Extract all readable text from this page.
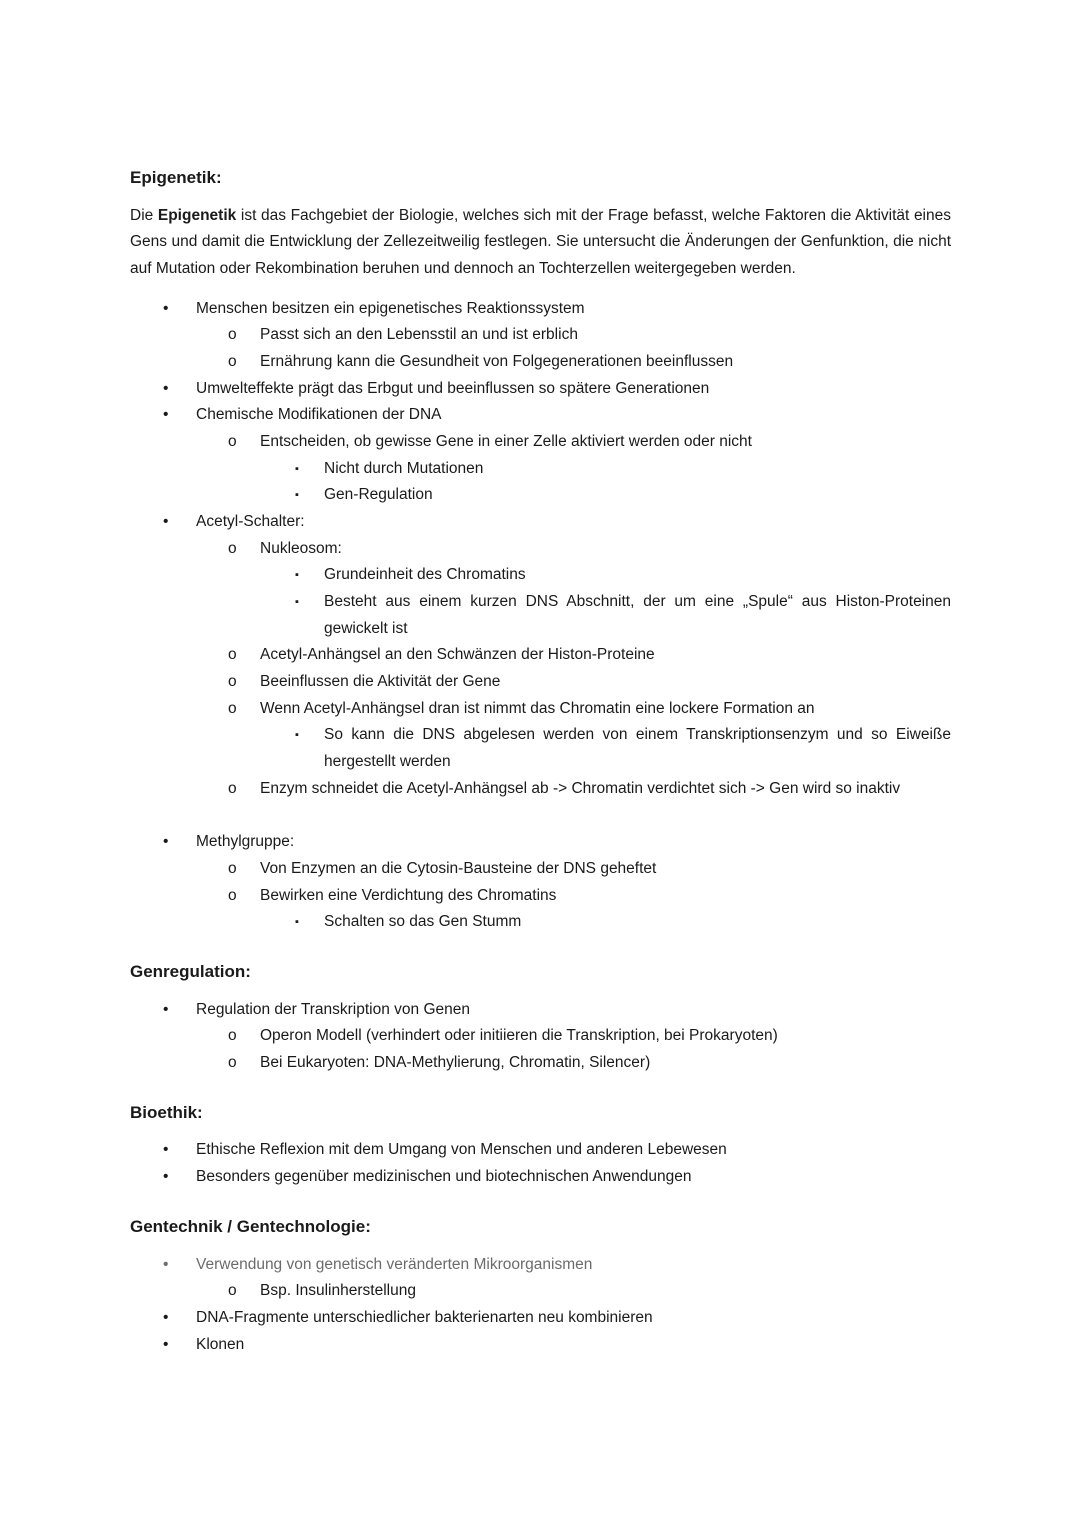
Epigenetik:

Die Epigenetik ist das Fachgebiet der Biologie, welches sich mit der Frage befasst, welche Faktoren die Aktivität eines Gens und damit die Entwicklung der Zellezeitweilig festlegen. Sie untersucht die Änderungen der Genfunktion, die nicht auf Mutation oder Rekombination beruhen und dennoch an Tochterzellen weitergegeben werden.

•	Menschen besitzen ein epigenetisches Reaktionssystem
o	Passt sich an den Lebensstil an und ist erblich
o	Ernährung kann die Gesundheit von Folgegenerationen beeinflussen
•	Umwelteffekte prägt das Erbgut und beeinflussen so spätere Generationen
•	Chemische Modifikationen der DNA
o	Entscheiden, ob gewisse Gene in einer Zelle aktiviert werden oder nicht
▪	Nicht durch Mutationen
▪	Gen-Regulation
•	Acetyl-Schalter:
o	Nukleosom:
▪	Grundeinheit des Chromatins
▪	Besteht aus einem kurzen DNS Abschnitt, der um eine „Spule“ aus Histon-Proteinen gewickelt ist
o	Acetyl-Anhängsel an den Schwänzen der Histon-Proteine
o	Beeinflussen die Aktivität der Gene
o	Wenn Acetyl-Anhängsel dran ist nimmt das Chromatin eine lockere Formation an
▪	So kann die DNS abgelesen werden von einem Transkriptionsenzym und so Eiweiße hergestellt werden
o	Enzym schneidet die Acetyl-Anhängsel ab -> Chromatin verdichtet sich -> Gen wird so inaktiv
•	Methylgruppe:
o	Von Enzymen an die Cytosin-Bausteine der DNS geheftet
o	Bewirken eine Verdichtung des Chromatins
▪	Schalten so das Gen Stumm
Genregulation:
•	Regulation der Transkription von Genen
o	Operon Modell (verhindert oder initiieren die Transkription, bei Prokaryoten)
o	Bei Eukaryoten: DNA-Methylierung, Chromatin, Silencer)
Bioethik:
•	Ethische Reflexion mit dem Umgang von Menschen und anderen Lebewesen
•	Besonders gegenüber medizinischen und biotechnischen Anwendungen
Gentechnik / Gentechnologie:
•	Verwendung von genetisch veränderten Mikroorganismen
o	Bsp. Insulinherstellung
•	DNA-Fragmente unterschiedlicher bakterienarten neu kombinieren
•	Klonen
